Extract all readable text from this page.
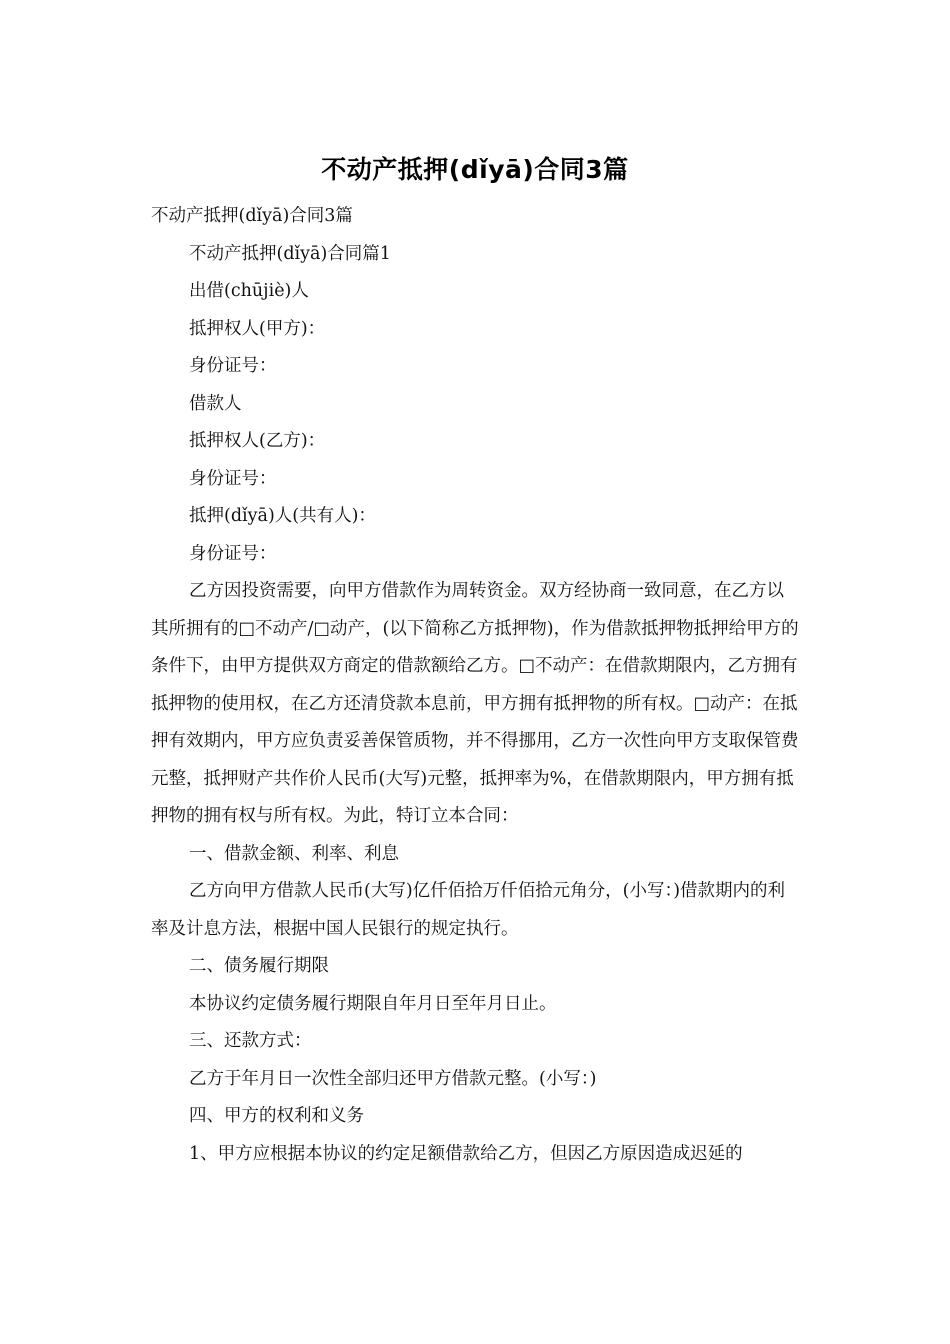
不动产抵押(dǐyā)合同3篇

不动产抵押(dǐyā)合同3篇

不动产抵押(dǐyā)合同篇1

出借(chūjiè)人

抵押权人(甲方)：

身份证号：

借款人

抵押权人(乙方)：

身份证号：

抵押(dǐyā)人(共有人)：

身份证号：

乙方因投资需要，向甲方借款作为周转资金。双方经协商一致同意，在乙方以其所拥有的□不动产/□动产，(以下简称乙方抵押物)，作为借款抵押物抵押给甲方的条件下，由甲方提供双方商定的借款额给乙方。□不动产：在借款期限内，乙方拥有抵押物的使用权，在乙方还清贷款本息前，甲方拥有抵押物的所有权。□动产：在抵押有效期内，甲方应负责妥善保管质物，并不得挪用，乙方一次性向甲方支取保管费元整，抵押财产共作价人民币(大写)元整，抵押率为%，在借款期限内，甲方拥有抵押物的拥有权与所有权。为此，特订立本合同：

一、借款金额、利率、利息

乙方向甲方借款人民币(大写)亿仟佰拾万仟佰拾元角分，(小写：)借款期内的利率及计息方法，根据中国人民银行的规定执行。

二、债务履行期限

本协议约定债务履行期限自年月日至年月日止。

三、还款方式：

乙方于年月日一次性全部归还甲方借款元整。(小写：)

四、甲方的权利和义务

1、甲方应根据本协议的约定足额借款给乙方，但因乙方原因造成迟延的
